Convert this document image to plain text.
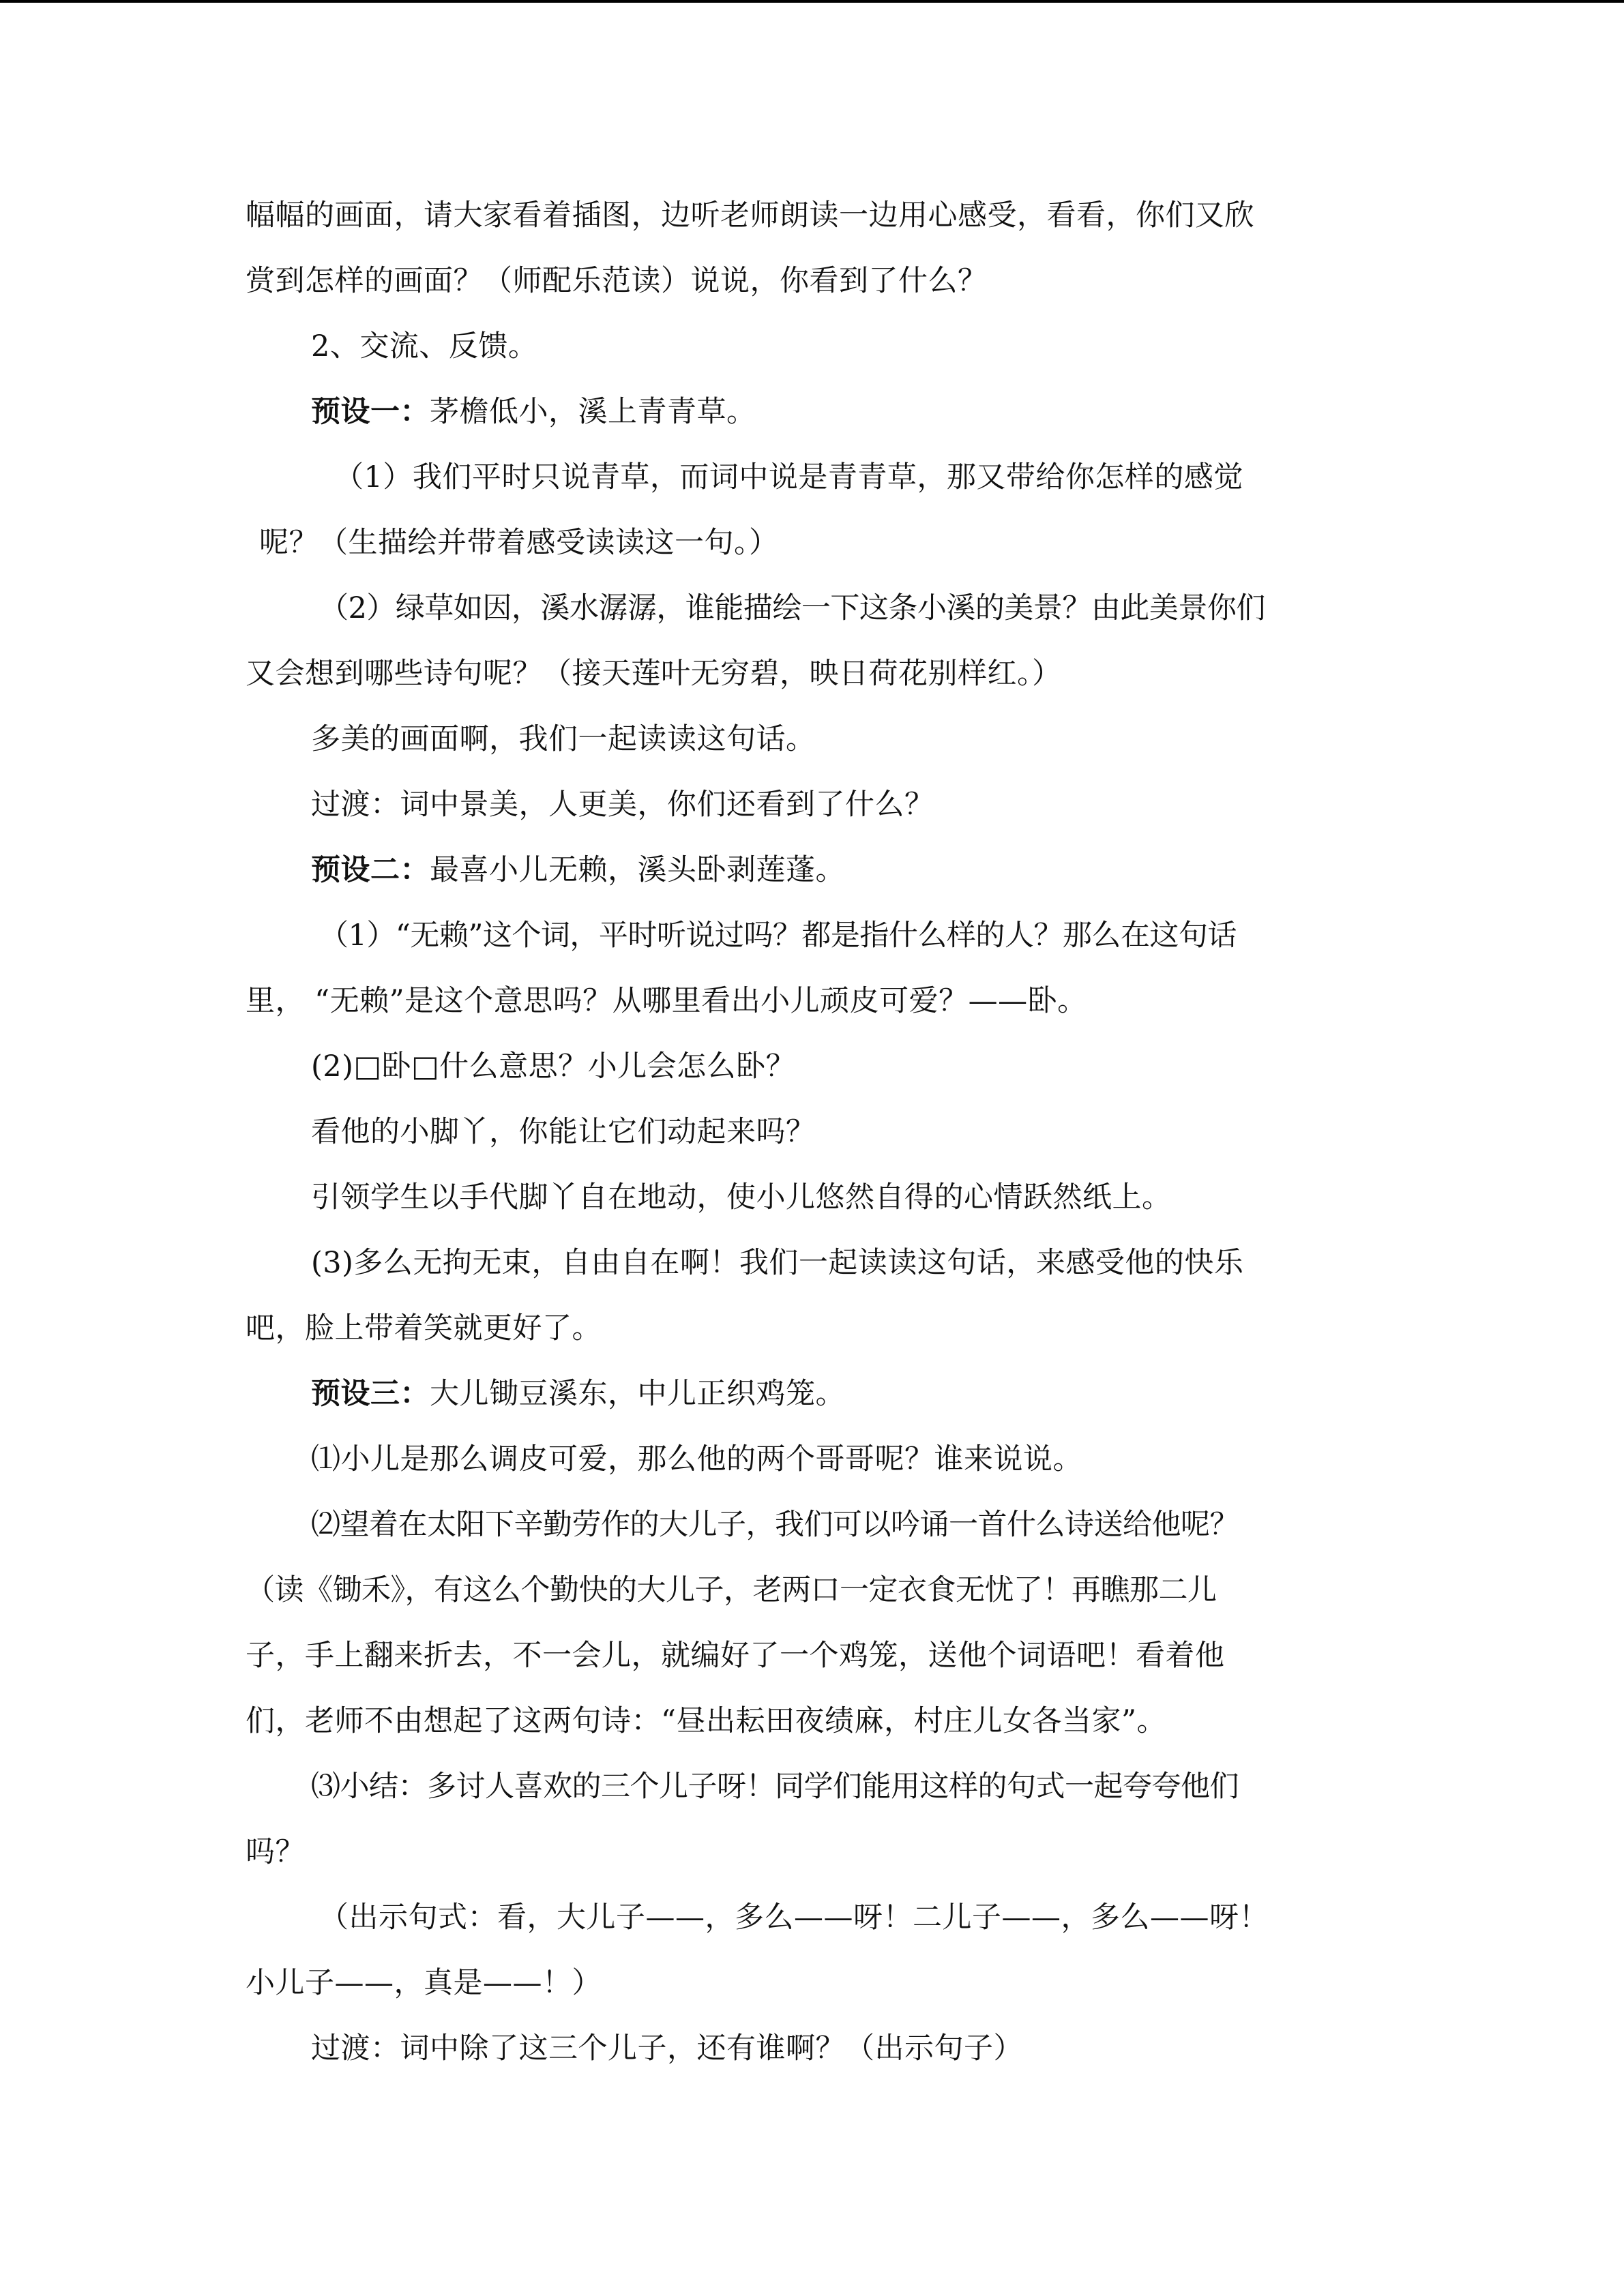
幅幅的画面，请大家看着插图，边听老师朗读一边用心感受，看看，你们又欣
赏到怎样的画面？（师配乐范读）说说，你看到了什么？
2、交流、反馈。
预设一：茅檐低小，溪上青青草。
（1）我们平时只说青草，而词中说是青青草，那又带给你怎样的感觉
呢？（生描绘并带着感受读读这一句。）
（2）绿草如因，溪水潺潺，谁能描绘一下这条小溪的美景？由此美景你们
又会想到哪些诗句呢？（接天莲叶无穷碧，映日荷花别样红。）
多美的画面啊，我们一起读读这句话。
过渡：词中景美，人更美，你们还看到了什么？
预设二：最喜小儿无赖，溪头卧剥莲蓬。
（1）“无赖”这个词，平时听说过吗？都是指什么样的人？那么在这句话
里， “无赖”是这个意思吗？从哪里看出小儿顽皮可爱？——卧。
(2)□卧□什么意思？小儿会怎么卧？
看他的小脚丫，你能让它们动起来吗？
引领学生以手代脚丫自在地动，使小儿悠然自得的心情跃然纸上。
(3)多么无拘无束，自由自在啊！我们一起读读这句话，来感受他的快乐
吧，脸上带着笑就更好了。
预设三：大儿锄豆溪东，中儿正织鸡笼。
⑴小儿是那么调皮可爱，那么他的两个哥哥呢？谁来说说。
⑵望着在太阳下辛勤劳作的大儿子，我们可以吟诵一首什么诗送给他呢？
（读《锄禾》，有这么个勤快的大儿子，老两口一定衣食无忧了！再瞧那二儿
子，手上翻来折去，不一会儿，就编好了一个鸡笼，送他个词语吧！看着他
们，老师不由想起了这两句诗：“昼出耘田夜绩麻，村庄儿女各当家”。
⑶小结：多讨人喜欢的三个儿子呀！同学们能用这样的句式一起夸夸他们
吗？
（出示句式：看，大儿子——，多么——呀！二儿子——，多么——呀！
小儿子——，真是——！）
过渡：词中除了这三个儿子，还有谁啊？（出示句子）
